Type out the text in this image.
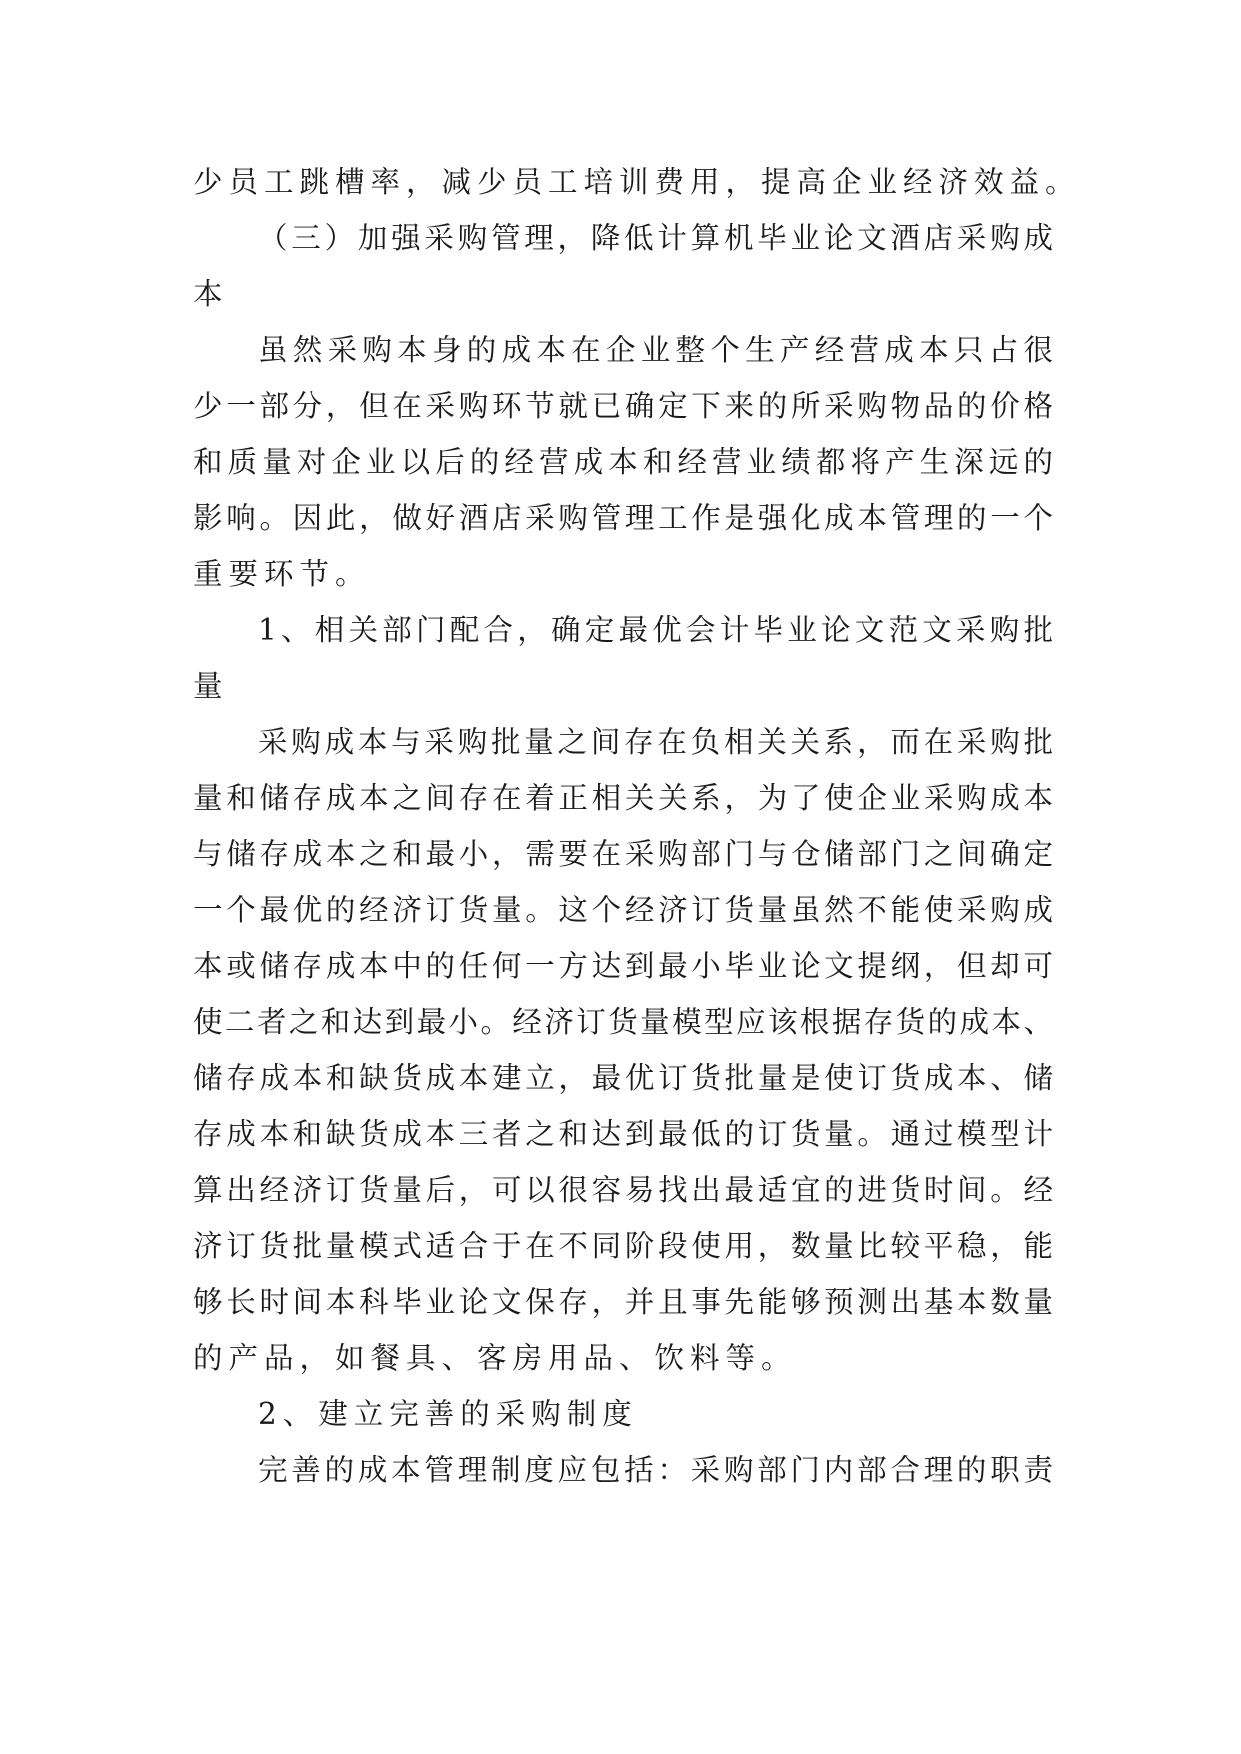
少员工跳槽率，减少员工培训费用，提高企业经济效益。
（三）加强采购管理，降低计算机毕业论文酒店采购成
本
虽然采购本身的成本在企业整个生产经营成本只占很
少一部分，但在采购环节就已确定下来的所采购物品的价格
和质量对企业以后的经营成本和经营业绩都将产生深远的
影响。因此，做好酒店采购管理工作是强化成本管理的一个
重要环节。
1、相关部门配合，确定最优会计毕业论文范文采购批
量
采购成本与采购批量之间存在负相关关系，而在采购批
量和储存成本之间存在着正相关关系，为了使企业采购成本
与储存成本之和最小，需要在采购部门与仓储部门之间确定
一个最优的经济订货量。这个经济订货量虽然不能使采购成
本或储存成本中的任何一方达到最小毕业论文提纲，但却可
使二者之和达到最小。经济订货量模型应该根据存货的成本、
储存成本和缺货成本建立，最优订货批量是使订货成本、储
存成本和缺货成本三者之和达到最低的订货量。通过模型计
算出经济订货量后，可以很容易找出最适宜的进货时间。经
济订货批量模式适合于在不同阶段使用，数量比较平稳，能
够长时间本科毕业论文保存，并且事先能够预测出基本数量
的产品，如餐具、客房用品、饮料等。
2、建立完善的采购制度
完善的成本管理制度应包括：采购部门内部合理的职责
